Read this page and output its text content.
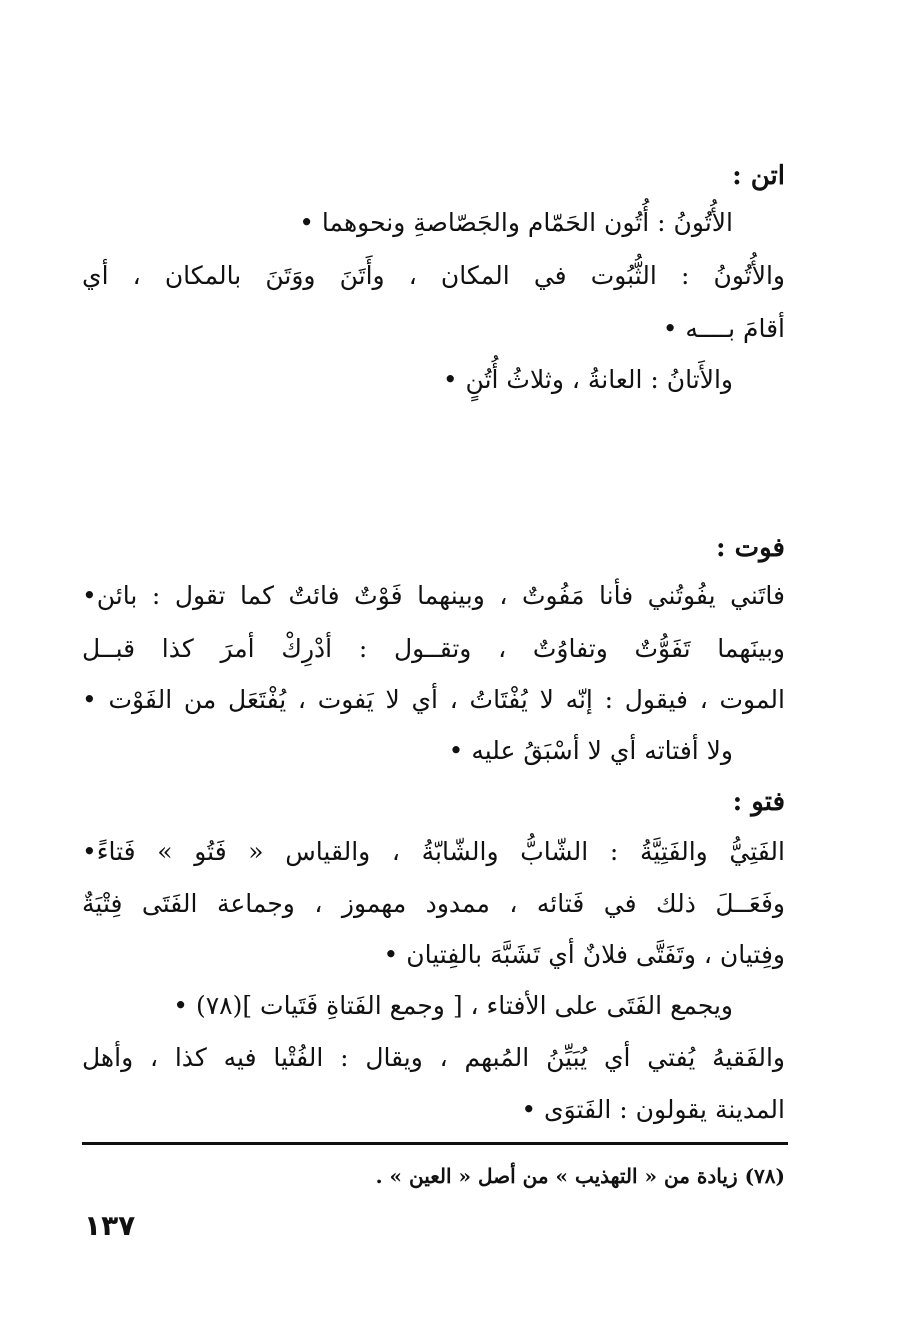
اتن :
الأُتُونُ : أُتُون الحَمّام والجَصّاصةِ ونحوهما •
والأُتُونُ : الثُّبُوت في المكان ، وأَتَنَ ووَتَنَ بالمكان ، أي
أقامَ بــــه •
والأَتانُ : العانةُ ، وثلاثُ أُتُنٍ •
فوت :
فاتَني يفُوتُني فأنا مَفُوتٌ ، وبينهما فَوْتٌ فائتٌ كما تقول : بائن•
وبينَهما تَفَوُّتٌ وتفاوُتٌ ، وتقــول : أدْرِكْ أمرَ كذا قبــل
الموت ، فيقول : إنّه لا يُفْتَاتُ ، أي لا يَفوت ، يُفْتَعَل من الفَوْت •
ولا أفتاته أي لا أسْبَقُ عليه •
فتو :
الفَتِيُّ والفَتِيَّةُ : الشّابُّ والشّابّةُ ، والقياس « فَتُو » فَتاءً•
وفَعَــلَ ذلك في فَتائه ، ممدود مهموز ، وجماعة الفَتَى فِتْيَةٌ
وفِتيان ، وتَفَتَّى فلانٌ أي تَشَبَّهَ بالفِتيان •
ويجمع الفَتَى على الأفتاء ، [ وجمع الفَتاةِ فَتَيات ](٧٨) •
والفَقيهُ يُفتي أي يُبَيِّنُ المُبهم ، ويقال : الفُتْيا فيه كذا ، وأهل
المدينة يقولون : الفَتوَى •
(٧٨) زيادة من « التهذيب » من أصل « العين » .
١٣٧
